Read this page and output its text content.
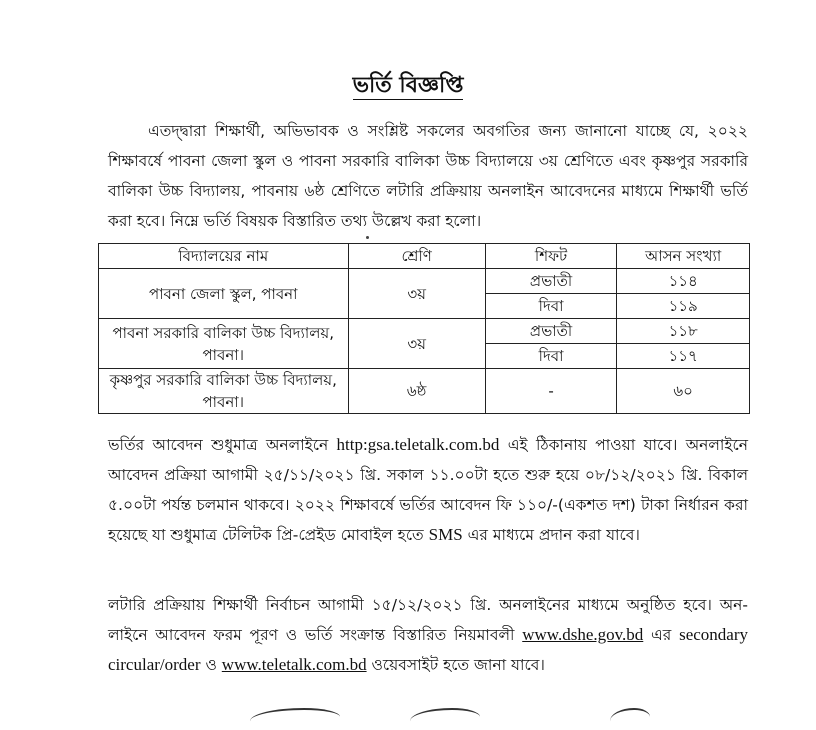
ভর্তি বিজ্ঞপ্তি

এতদ্দ্বারা শিক্ষার্থী, অভিভাবক ও সংশ্লিষ্ট সকলের অবগতির জন্য জানানো যাচ্ছে যে, ২০২২ শিক্ষাবর্ষে পাবনা জেলা স্কুল ও পাবনা সরকারি বালিকা উচ্চ বিদ্যালয়ে ৩য় শ্রেণিতে এবং কৃষ্ণপুর সরকারি বালিকা উচ্চ বিদ্যালয়, পাবনায় ৬ষ্ঠ শ্রেণিতে লটারি প্রক্রিয়ায় অনলাইন আবেদনের মাধ্যমে শিক্ষার্থী ভর্তি করা হবে। নিম্নে ভর্তি বিষয়ক বিস্তারিত তথ্য উল্লেখ করা হলো।

বিদ্যালয়ের নাম	শ্রেণি	শিফট	আসন সংখ্যা
পাবনা জেলা স্কুল, পাবনা	৩য়	প্রভাতী	১১৪
		দিবা	১১৯
পাবনা সরকারি বালিকা উচ্চ বিদ্যালয়, পাবনা।	৩য়	প্রভাতী	১১৮
		দিবা	১১৭
কৃষ্ণপুর সরকারি বালিকা উচ্চ বিদ্যালয়, পাবনা।	৬ষ্ঠ	-	৬০

ভর্তির আবেদন শুধুমাত্র অনলাইনে http:gsa.teletalk.com.bd এই ঠিকানায় পাওয়া যাবে। অনলাইনে আবেদন প্রক্রিয়া আগামী ২৫/১১/২০২১ খ্রি. সকাল ১১.০০টা হতে শুরু হয়ে ০৮/১২/২০২১ খ্রি. বিকাল ৫.০০টা পর্যন্ত চলমান থাকবে। ২০২২ শিক্ষাবর্ষে ভর্তির আবেদন ফি ১১০/-(একশত দশ) টাকা নির্ধারন করা হয়েছে যা শুধুমাত্র টেলিটক প্রি-প্রেইড মোবাইল হতে SMS এর মাধ্যমে প্রদান করা যাবে।

লটারি প্রক্রিয়ায় শিক্ষার্থী নির্বাচন আগামী ১৫/১২/২০২১ খ্রি. অনলাইনের মাধ্যমে অনুষ্ঠিত হবে। অন-লাইনে আবেদন ফরম পূরণ ও ভর্তি সংক্রান্ত বিস্তারিত নিয়মাবলী www.dshe.gov.bd এর secondary circular/order ও www.teletalk.com.bd ওয়েবসাইট হতে জানা যাবে।
